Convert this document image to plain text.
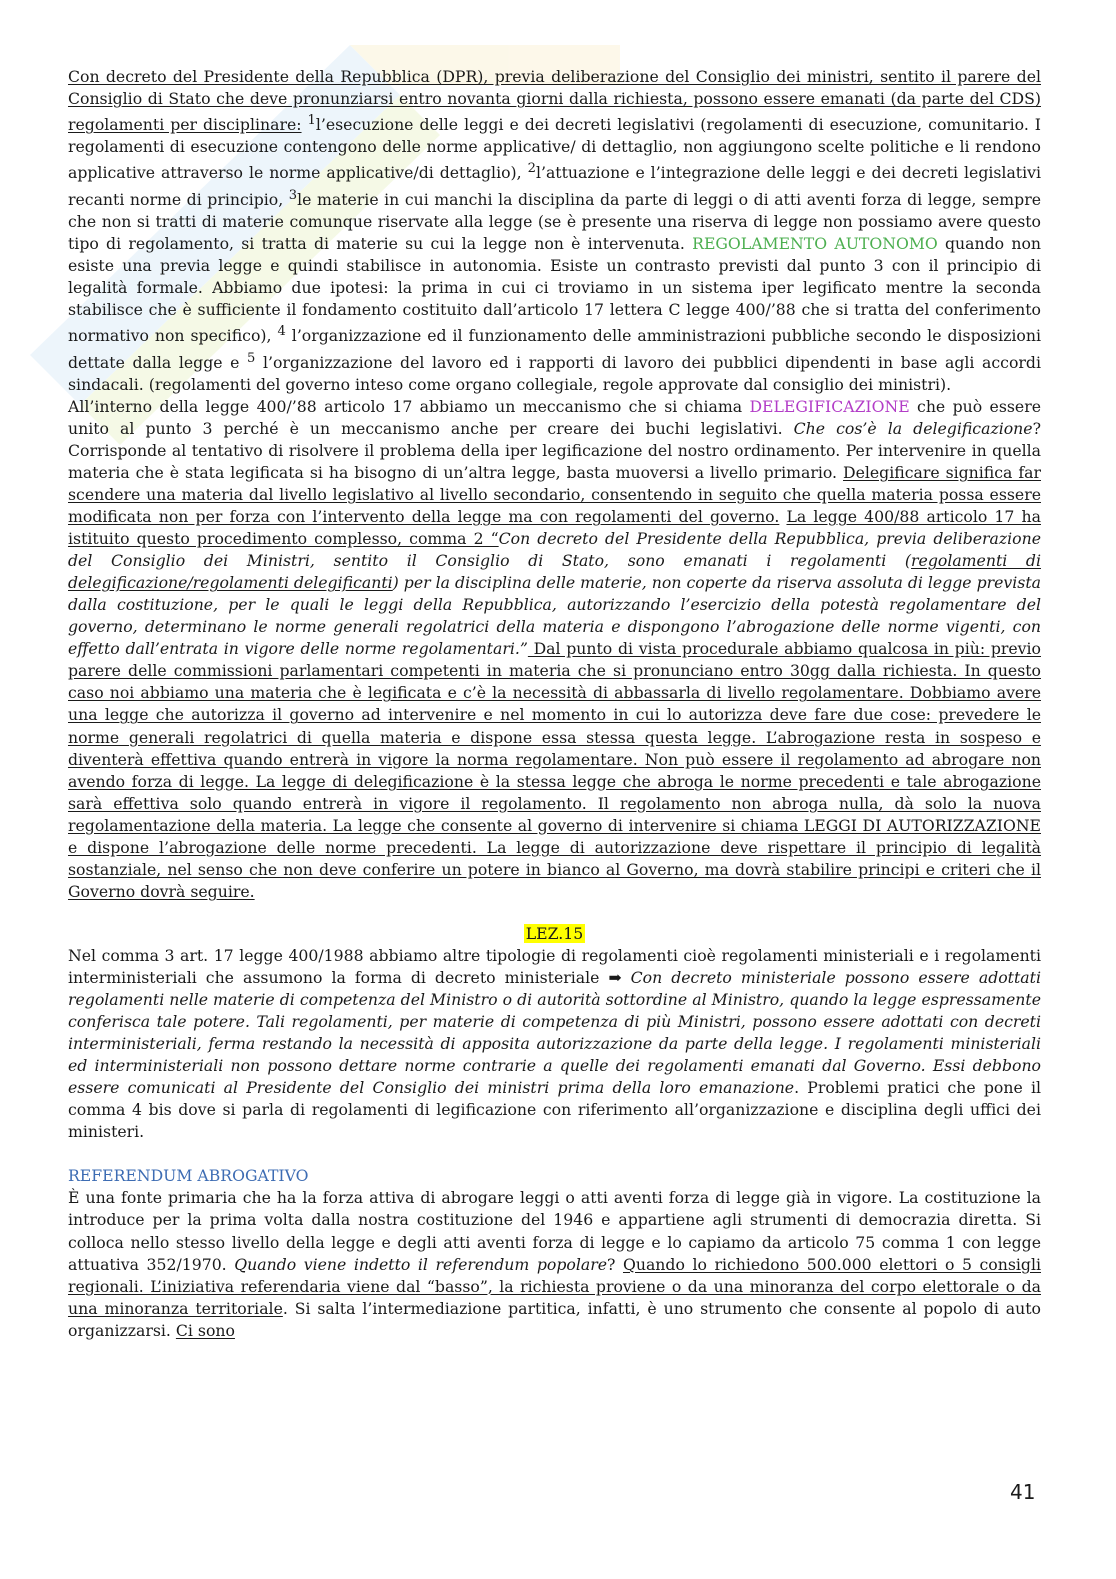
Con decreto del Presidente della Repubblica (DPR), previa deliberazione del Consiglio dei ministri, sentito il parere del Consiglio di Stato che deve pronunziarsi entro novanta giorni dalla richiesta, possono essere emanati (da parte del CDS) regolamenti per disciplinare: $^1$l’esecuzione delle leggi e dei decreti legislativi (regolamenti di esecuzione, comunitario. I regolamenti di esecuzione contengono delle norme applicative/ di dettaglio, non aggiungono scelte politiche e li rendono applicative attraverso le norme applicative/di dettaglio), $^2$l’attuazione e l’integrazione delle leggi e dei decreti legislativi recanti norme di principio, $^3$le materie in cui manchi la disciplina da parte di leggi o di atti aventi forza di legge, sempre che non si tratti di materie comunque riservate alla legge (se è presente una riserva di legge non possiamo avere questo tipo di regolamento, si tratta di materie su cui la legge non è intervenuta. REGOLAMENTO AUTONOMO quando non esiste una previa legge e quindi stabilisce in autonomia. Esiste un contrasto previsti dal punto 3 con il principio di legalità formale. Abbiamo due ipotesi: la prima in cui ci troviamo in un sistema iper legificato mentre la seconda stabilisce che è sufficiente il fondamento costituito dall’articolo 17 lettera C legge 400/’88 che si tratta del conferimento normativo non specifico), $^4$ l’organizzazione ed il funzionamento delle amministrazioni pubbliche secondo le disposizioni dettate dalla legge e $^5$ l’organizzazione del lavoro ed i rapporti di lavoro dei pubblici dipendenti in base agli accordi sindacali. (regolamenti del governo inteso come organo collegiale, regole approvate dal consiglio dei ministri).

All’interno della legge 400/’88 articolo 17 abbiamo un meccanismo che si chiama DELEGIFICAZIONE che può essere unito al punto 3 perché è un meccanismo anche per creare dei buchi legislativi. Che cos’è la delegificazione? Corrisponde al tentativo di risolvere il problema della iper legificazione del nostro ordinamento. Per intervenire in quella materia che è stata legificata si ha bisogno di un’altra legge, basta muoversi a livello primario. Delegificare significa far scendere una materia dal livello legislativo al livello secondario, consentendo in seguito che quella materia possa essere modificata non per forza con l’intervento della legge ma con regolamenti del governo. La legge 400/88 articolo 17 ha istituito questo procedimento complesso, comma 2 “Con decreto del Presidente della Repubblica, previa deliberazione del Consiglio dei Ministri, sentito il Consiglio di Stato, sono emanati i regolamenti (regolamenti di delegificazione/regolamenti delegificanti) per la disciplina delle materie, non coperte da riserva assoluta di legge prevista dalla costituzione, per le quali le leggi della Repubblica, autorizzando l’esercizio della potestà regolamentare del governo, determinano le norme generali regolatrici della materia e dispongono l’abrogazione delle norme vigenti, con effetto dall’entrata in vigore delle norme regolamentari.” Dal punto di vista procedurale abbiamo qualcosa in più: previo parere delle commissioni parlamentari competenti in materia che si pronunciano entro 30gg dalla richiesta. In questo caso noi abbiamo una materia che è legificata e c’è la necessità di abbassarla di livello regolamentare. Dobbiamo avere una legge che autorizza il governo ad intervenire e nel momento in cui lo autorizza deve fare due cose: prevedere le norme generali regolatrici di quella materia e dispone essa stessa questa legge. L’abrogazione resta in sospeso e diventerà effettiva quando entrerà in vigore la norma regolamentare. Non può essere il regolamento ad abrogare non avendo forza di legge. La legge di delegificazione è la stessa legge che abroga le norme precedenti e tale abrogazione sarà effettiva solo quando entrerà in vigore il regolamento. Il regolamento non abroga nulla, dà solo la nuova regolamentazione della materia. La legge che consente al governo di intervenire si chiama LEGGI DI AUTORIZZAZIONE e dispone l’abrogazione delle norme precedenti. La legge di autorizzazione deve rispettare il principio di legalità sostanziale, nel senso che non deve conferire un potere in bianco al Governo, ma dovrà stabilire principi e criteri che il Governo dovrà seguire.

LEZ.15

Nel comma 3 art. 17 legge 400/1988 abbiamo altre tipologie di regolamenti cioè regolamenti ministeriali e i regolamenti interministeriali che assumono la forma di decreto ministeriale ➡ Con decreto ministeriale possono essere adottati regolamenti nelle materie di competenza del Ministro o di autorità sottordine al Ministro, quando la legge espressamente conferisca tale potere. Tali regolamenti, per materie di competenza di più Ministri, possono essere adottati con decreti interministeriali, ferma restando la necessità di apposita autorizzazione da parte della legge. I regolamenti ministeriali ed interministeriali non possono dettare norme contrarie a quelle dei regolamenti emanati dal Governo. Essi debbono essere comunicati al Presidente del Consiglio dei ministri prima della loro emanazione. Problemi pratici che pone il comma 4 bis dove si parla di regolamenti di legificazione con riferimento all’organizzazione e disciplina degli uffici dei ministeri.

REFERENDUM ABROGATIVO

È una fonte primaria che ha la forza attiva di abrogare leggi o atti aventi forza di legge già in vigore. La costituzione la introduce per la prima volta dalla nostra costituzione del 1946 e appartiene agli strumenti di democrazia diretta. Si colloca nello stesso livello della legge e degli atti aventi forza di legge e lo capiamo da articolo 75 comma 1 con legge attuativa 352/1970. Quando viene indetto il referendum popolare? Quando lo richiedono 500.000 elettori o 5 consigli regionali. L’iniziativa referendaria viene dal “basso”, la richiesta proviene o da una minoranza del corpo elettorale o da una minoranza territoriale. Si salta l’intermediazione partitica, infatti, è uno strumento che consente al popolo di auto organizzarsi. Ci sono

41
